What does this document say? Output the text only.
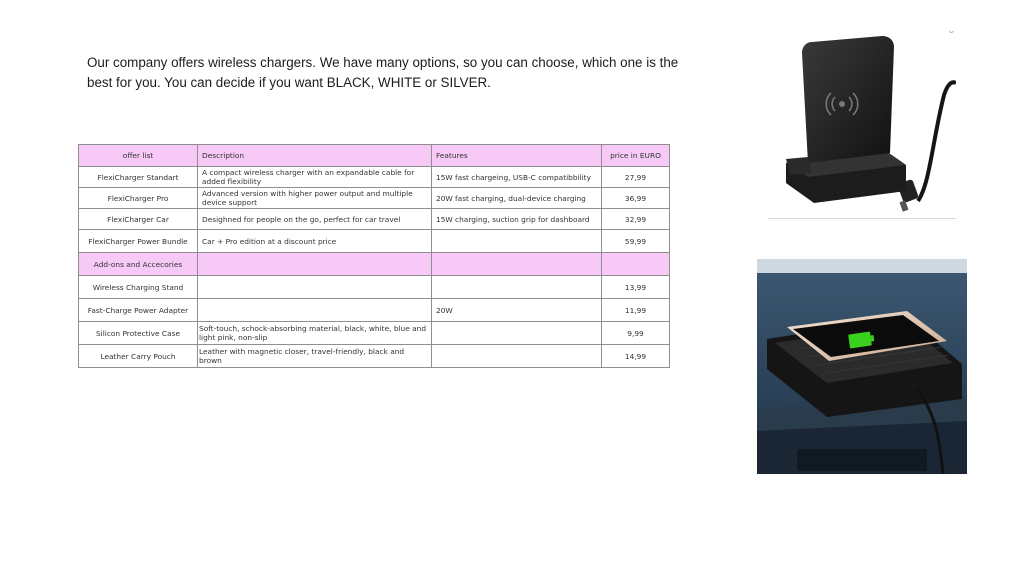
Our company offers wireless chargers. We have many options, so you can choose, which one is the best for you. You can decide if you want BLACK, WHITE or SILVER.
offer list	Description	Features	price in EURO
FlexiCharger Standart	A compact wireless charger with an expandable cable for added flexibility	15W fast chargeing, USB-C compatibbility	27,99
FlexiCharger Pro	Advanced version with higher power output and multiple device support	20W fast charging, dual-device charging	36,99
FlexiCharger Car	Desighned for people on the go, perfect for car travel	15W charging, suction grip for dashboard	32,99
FlexiCharger Power Bundle	Car + Pro edition at a discount price		59,99
Add-ons and Accecories			
Wireless Charging Stand			13,99
Fast-Charge Power Adapter		20W	11,99
Silicon Protective Case	Soft-touch, schock-absorbing material, black, white, blue and light pink, non-slip		9,99
Leather Carry Pouch	Leather with magnetic closer, travel-friendly, black and brown		14,99
